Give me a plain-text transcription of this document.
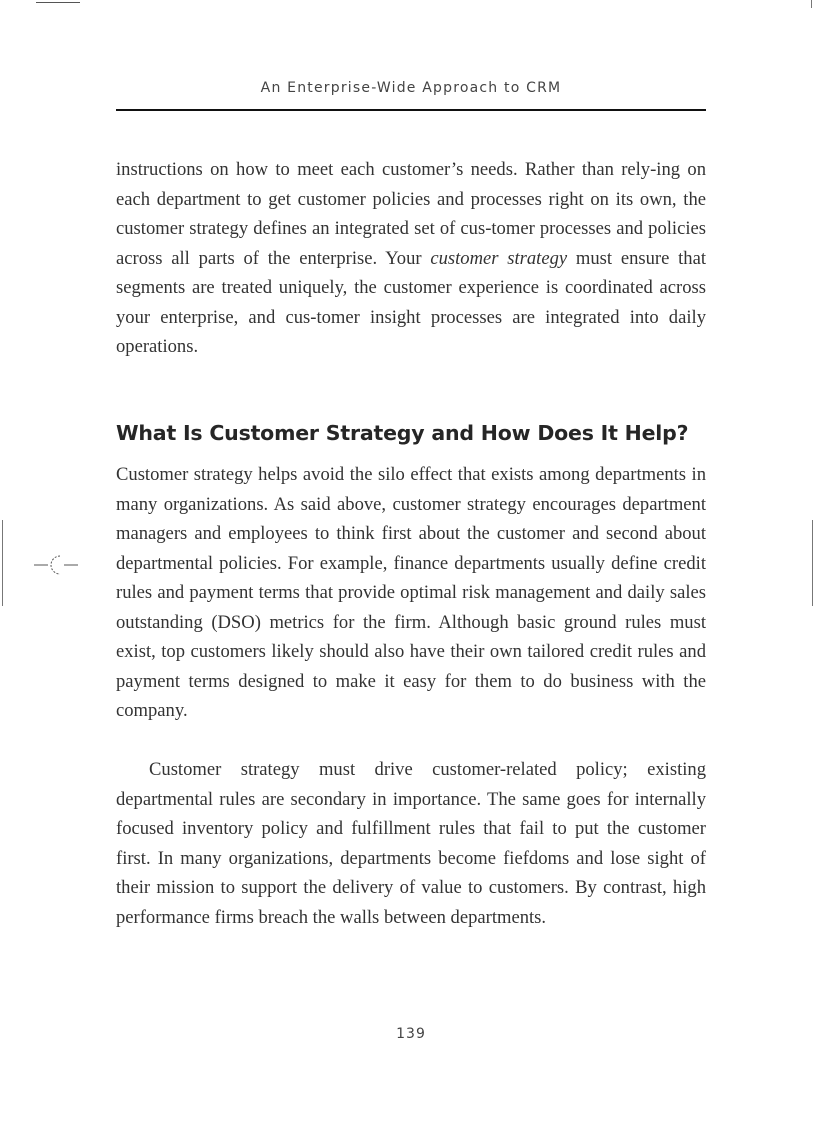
An Enterprise-Wide Approach to CRM

instructions on how to meet each customer’s needs. Rather than rely-ing on each department to get customer policies and processes right on its own, the customer strategy defines an integrated set of cus-tomer processes and policies across all parts of the enterprise. Your customer strategy must ensure that segments are treated uniquely, the customer experience is coordinated across your enterprise, and cus-tomer insight processes are integrated into daily operations.

What Is Customer Strategy and How Does It Help?

Customer strategy helps avoid the silo effect that exists among departments in many organizations. As said above, customer strategy encourages department managers and employees to think first about the customer and second about departmental policies. For example, finance departments usually define credit rules and payment terms that provide optimal risk management and daily sales outstanding (DSO) metrics for the firm. Although basic ground rules must exist, top customers likely should also have their own tailored credit rules and payment terms designed to make it easy for them to do business with the company.

Customer strategy must drive customer-related policy; existing departmental rules are secondary in importance. The same goes for internally focused inventory policy and fulfillment rules that fail to put the customer first. In many organizations, departments become fiefdoms and lose sight of their mission to support the delivery of value to customers. By contrast, high performance firms breach the walls between departments.

139
